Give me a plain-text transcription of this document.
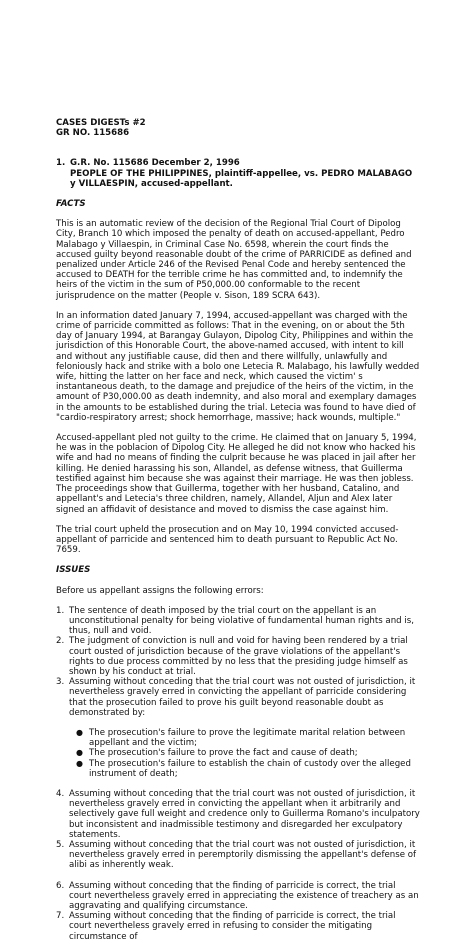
CASES DIGESTs #2
GR NO. 115686
1. G.R. No. 115686 December 2, 1996
PEOPLE OF THE PHILIPPINES, plaintiff-appellee, vs. PEDRO MALABAGO y VILLAESPIN, accused-appellant.
FACTS

This is an automatic review of the decision of the Regional Trial Court of Dipolog City, Branch 10 which imposed the penalty of death on accused-appellant, Pedro Malabago y Villaespin, in Criminal Case No. 6598, wherein the court finds the accused guilty beyond reasonable doubt of the crime of PARRICIDE as defined and penalized under Article 246 of the Revised Penal Code and hereby sentenced the accused to DEATH for the terrible crime he has committed and, to indemnify the heirs of the victim in the sum of P50,000.00 conformable to the recent jurisprudence on the matter (People v. Sison, 189 SCRA 643).

In an information dated January 7, 1994, accused-appellant was charged with the crime of parricide committed as follows: That in the evening, on or about the 5th day of January 1994, at Barangay Gulayon, Dipolog City, Philippines and within the jurisdiction of this Honorable Court, the above-named accused, with intent to kill and without any justifiable cause, did then and there willfully, unlawfully and feloniously hack and strike with a bolo one Letecia R. Malabago, his lawfully wedded wife, hitting the latter on her face and neck, which caused the victim' s instantaneous death, to the damage and prejudice of the heirs of the victim, in the amount of P30,000.00 as death indemnity, and also moral and exemplary damages in the amounts to be established during the trial. Letecia was found to have died of "cardio-respiratory arrest; shock hemorrhage, massive; hack wounds, multiple."

Accused-appellant pled not guilty to the crime. He claimed that on January 5, 1994, he was in the poblacion of Dipolog City. He alleged he did not know who hacked his wife and had no means of finding the culprit because he was placed in jail after her killing. He denied harassing his son, Allandel, as defense witness, that Guillerma testified against him because she was against their marriage. He was then jobless. The proceedings show that Guillerma, together with her husband, Catalino, and appellant's and Letecia's three children, namely, Allandel, Aljun and Alex later signed an affidavit of desistance and moved to dismiss the case against him.

The trial court upheld the prosecution and on May 10, 1994 convicted accused-appellant of parricide and sentenced him to death pursuant to Republic Act No. 7659.

ISSUES

Before us appellant assigns the following errors:

1. The sentence of death imposed by the trial court on the appellant is an unconstitutional penalty for being violative of fundamental human rights and is, thus, null and void.
2. The judgment of conviction is null and void for having been rendered by a trial court ousted of jurisdiction because of the grave violations of the appellant's rights to due process committed by no less that the presiding judge himself as shown by his conduct at trial.
3. Assuming without conceding that the trial court was not ousted of jurisdiction, it nevertheless gravely erred in convicting the appellant of parricide considering that the prosecution failed to prove his guilt beyond reasonable doubt as demonstrated by:
● The prosecution's failure to prove the legitimate marital relation between appellant and the victim;
● The prosecution's failure to prove the fact and cause of death;
● The prosecution's failure to establish the chain of custody over the alleged instrument of death;
4. Assuming without conceding that the trial court was not ousted of jurisdiction, it nevertheless gravely erred in convicting the appellant when it arbitrarily and selectively gave full weight and credence only to Guillerma Romano's inculpatory but inconsistent and inadmissible testimony and disregarded her exculpatory statements.
5. Assuming without conceding that the trial court was not ousted of jurisdiction, it nevertheless gravely erred in peremptorily dismissing the appellant's defense of alibi as inherently weak.
6. Assuming without conceding that the finding of parricide is correct, the trial court nevertheless gravely erred in appreciating the existence of treachery as an aggravating and qualifying circumstance.
7. Assuming without conceding that the finding of parricide is correct, the trial court nevertheless gravely erred in refusing to consider the mitigating circumstance of
